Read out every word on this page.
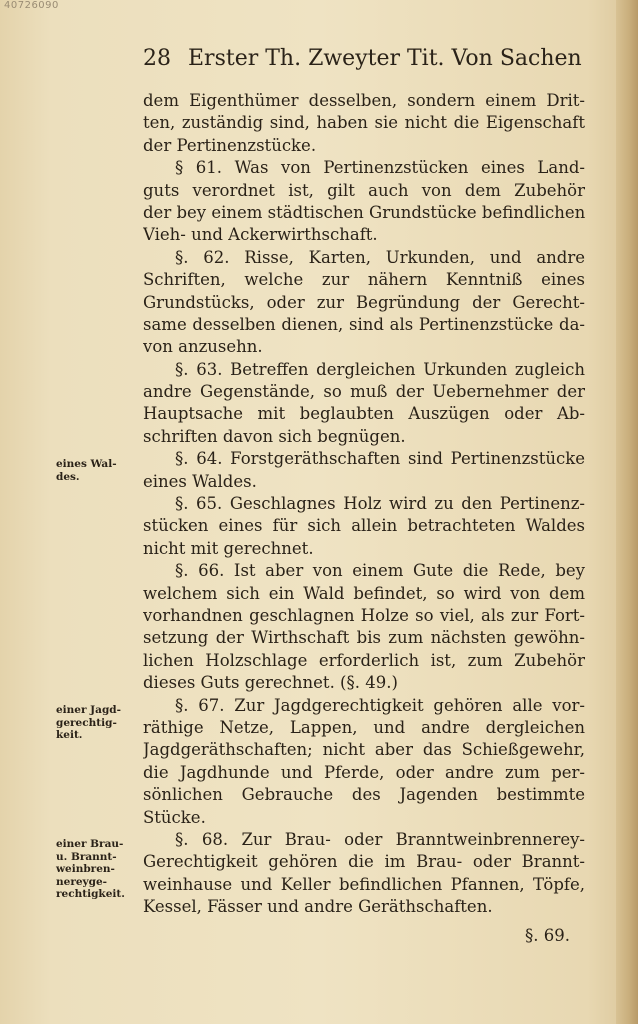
40726090
28 Erster Th. Zweyter Tit. Von Sachen
dem Eigenthümer desselben, sondern einem Drit-
ten, zuständig sind, haben sie nicht die Eigenschaft
der Pertinenzstücke.
§ 61. Was von Pertinenzstücken eines Land-
guts verordnet ist, gilt auch von dem Zubehör
der bey einem städtischen Grundstücke befindlichen
Vieh- und Ackerwirthschaft.
§. 62. Risse, Karten, Urkunden, und andre
Schriften, welche zur nähern Kenntniß eines
Grundstücks, oder zur Begründung der Gerecht-
same desselben dienen, sind als Pertinenzstücke da-
von anzusehn.
§. 63. Betreffen dergleichen Urkunden zugleich
andre Gegenstände, so muß der Uebernehmer der
Hauptsache mit beglaubten Auszügen oder Ab-
schriften davon sich begnügen.
§. 64. Forstgeräthschaften sind Pertinenzstücke
eines Waldes.
§. 65. Geschlagnes Holz wird zu den Pertinenz-
stücken eines für sich allein betrachteten Waldes
nicht mit gerechnet.
§. 66. Ist aber von einem Gute die Rede, bey
welchem sich ein Wald befindet, so wird von dem
vorhandnen geschlagnen Holze so viel, als zur Fort-
setzung der Wirthschaft bis zum nächsten gewöhn-
lichen Holzschlage erforderlich ist, zum Zubehör
dieses Guts gerechnet. (§. 49.)
§. 67. Zur Jagdgerechtigkeit gehören alle vor-
räthige Netze, Lappen, und andre dergleichen
Jagdgeräthschaften; nicht aber das Schießgewehr,
die Jagdhunde und Pferde, oder andre zum per-
sönlichen Gebrauche des Jagenden bestimmte
Stücke.
§. 68. Zur Brau- oder Branntweinbrennerey-
Gerechtigkeit gehören die im Brau- oder Brannt-
weinhause und Keller befindlichen Pfannen, Töpfe,
Kessel, Fässer und andre Geräthschaften.
eines Wal-
des.
einer Jagd-
gerechtig-
keit.
einer Brau-
u. Brannt-
weinbren-
nereyge-
rechtigkeit.
§. 69.
